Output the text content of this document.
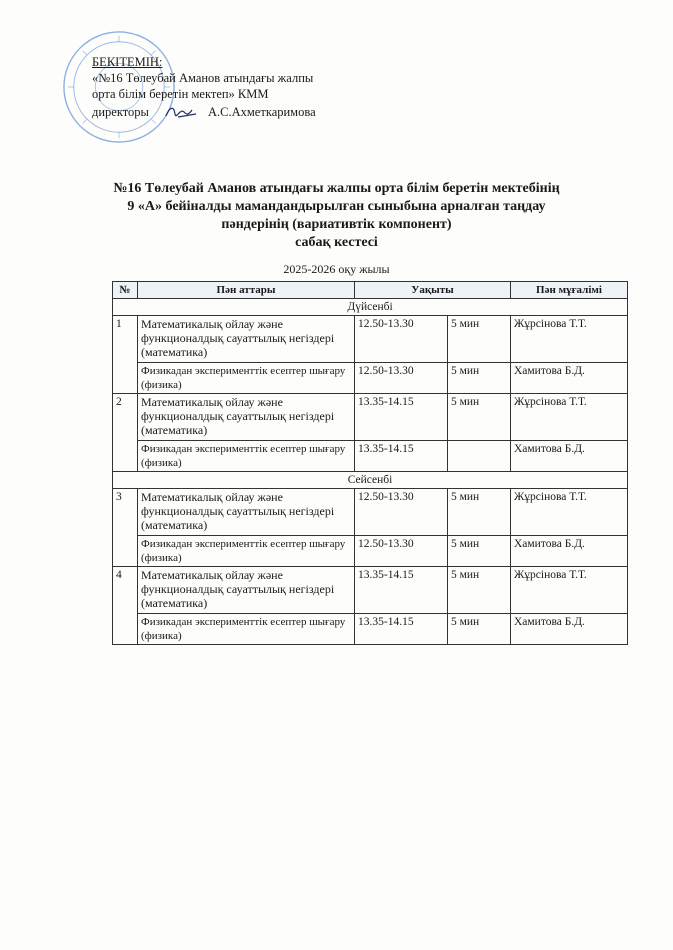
БЕКІТЕМІН:
«№16 Төлеубай Аманов атындағы жалпы
орта білім беретін мектеп» КММ
директоры	А.С.Ахметкаримова
№16 Төлеубай Аманов атындағы жалпы орта білім беретін мектебінің
9 «А» бейіналды мамандандырылған сыныбына арналған таңдау
пәндерінің (вариативтік компонент)
сабақ кестесі
2025-2026 оқу жылы
№	Пән аттары	Уақыты		Пән мұғалімі
Дүйсенбі				
1	Математикалық ойлау және функционалдық сауаттылық негіздері (математика)	12.50-13.30	5 мин	Жұрсінова Т.Т.
	Физикадан эксперименттік есептер шығару (физика)	12.50-13.30	5 мин	Хамитова Б.Д.
2	Математикалық ойлау және функционалдық сауаттылық негіздері (математика)	13.35-14.15	5 мин	Жұрсінова Т.Т.
	Физикадан эксперименттік есептер шығару (физика)	13.35-14.15		Хамитова Б.Д.
Сейсенбі				
3	Математикалық ойлау және функционалдық сауаттылық негіздері (математика)	12.50-13.30	5 мин	Жұрсінова Т.Т.
	Физикадан эксперименттік есептер шығару (физика)	12.50-13.30	5 мин	Хамитова Б.Д.
4	Математикалық ойлау және функционалдық сауаттылық негіздері (математика)	13.35-14.15	5 мин	Жұрсінова Т.Т.
	Физикадан эксперименттік есептер шығару (физика)	13.35-14.15	5 мин	Хамитова Б.Д.
